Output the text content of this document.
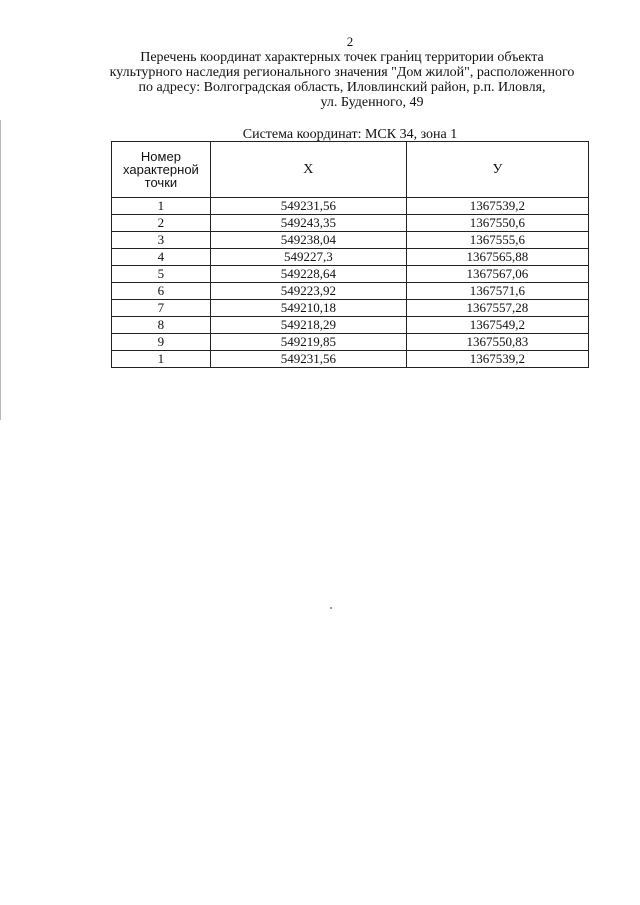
2
Перечень координат характерных точек границ территории объекта
культурного наследия регионального значения "Дом жилой", расположенного
по адресу: Волгоградская область, Иловлинский район, р.п. Иловля,
ул. Буденного, 49
Система координат: МСК 34, зона 1
Номер характерной точки	Х	У
1	549231,56	1367539,2
2	549243,35	1367550,6
3	549238,04	1367555,6
4	549227,3	1367565,88
5	549228,64	1367567,06
6	549223,92	1367571,6
7	549210,18	1367557,28
8	549218,29	1367549,2
9	549219,85	1367550,83
1	549231,56	1367539,2
